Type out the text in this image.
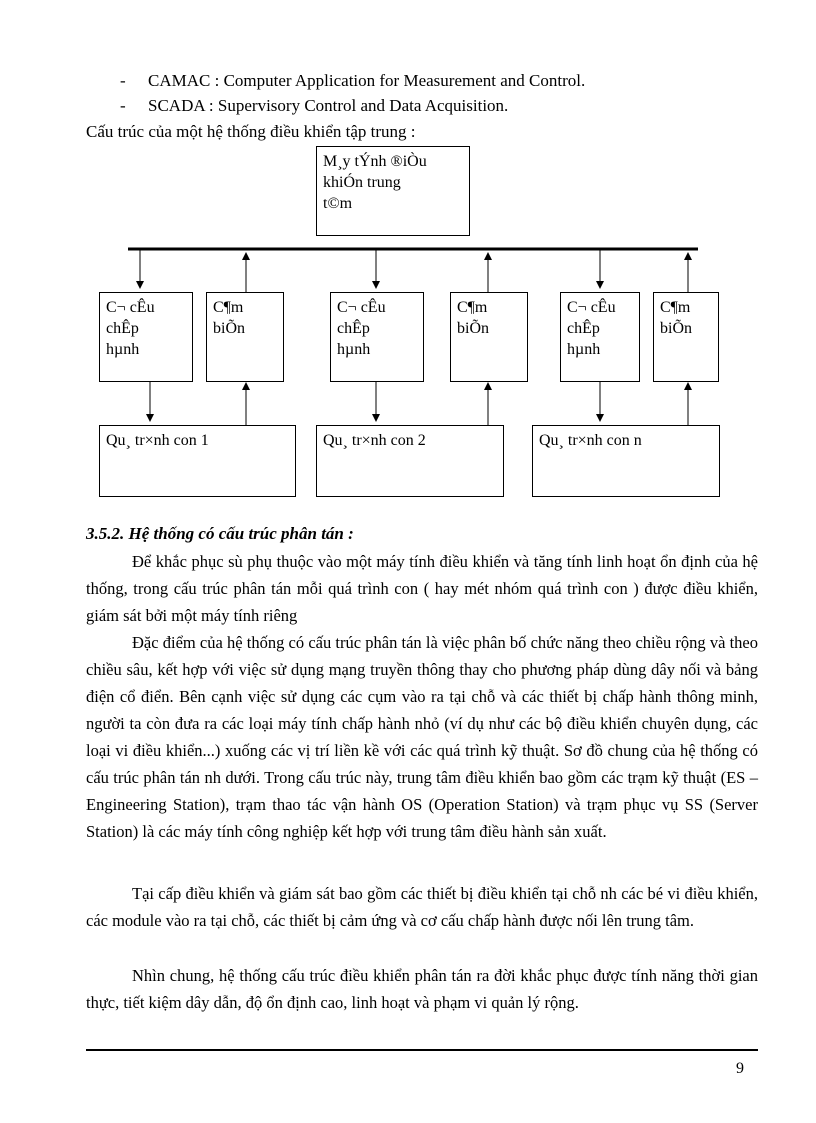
- CAMAC : Computer Application for Measurement and Control.
- SCADA : Supervisory Control and Data Acquisition.
Cấu trúc của một hệ thống điều khiển tập trung :
M¸y tÝnh ®iÒu
khiÓn trung
t©m
C¬ cÊu
chÊp
hµnh
C¶m
biÕn
Qu¸ tr×nh con 1
C¬ cÊu
chÊp
hµnh
C¶m
biÕn
Qu¸ tr×nh con 2
C¬ cÊu
chÊp
hµnh
C¶m
biÕn
Qu¸ tr×nh con n
3.5.2. Hệ thống có cấu trúc phân tán :
Để khắc phục sù phụ thuộc vào một máy tính điều khiển và tăng tính linh hoạt ổn định của hệ thống, trong cấu trúc phân tán mỗi quá trình con ( hay mét nhóm quá trình con ) được điều khiển, giám sát bởi một máy tính riêng
Đặc điểm của hệ thống có cấu trúc phân tán là việc phân bố chức năng theo chiều rộng và theo chiều sâu, kết hợp với việc sử dụng mạng truyền thông thay cho phương pháp dùng dây nối và bảng điện cổ điển. Bên cạnh việc sử dụng các cụm vào ra tại chỗ và các thiết bị chấp hành thông minh, người ta còn đưa ra các loại máy tính chấp hành nhỏ (ví dụ như các bộ điều khiển chuyên dụng, các loại vi điều khiển...) xuống các vị trí liền kề với các quá trình kỹ thuật. Sơ đồ chung của hệ thống có cấu trúc phân tán nh dưới. Trong cấu trúc này, trung tâm điều khiển bao gồm các trạm kỹ thuật (ES – Engineering Station), trạm thao tác vận hành OS (Operation Station) và trạm phục vụ SS (Server Station) là các máy tính công nghiệp kết hợp với trung tâm điều hành sản xuất.
Tại cấp điều khiển và giám sát bao gồm các thiết bị điều khiển tại chỗ nh các bé vi điều khiển, các module vào ra tại chỗ, các thiết bị cảm ứng và cơ cấu chấp hành được nối lên trung tâm.
Nhìn chung, hệ thống cấu trúc điều khiển phân tán ra đời khắc phục được tính năng thời gian thực, tiết kiệm dây dẫn, độ ổn định cao, linh hoạt và phạm vi quản lý rộng.
9
